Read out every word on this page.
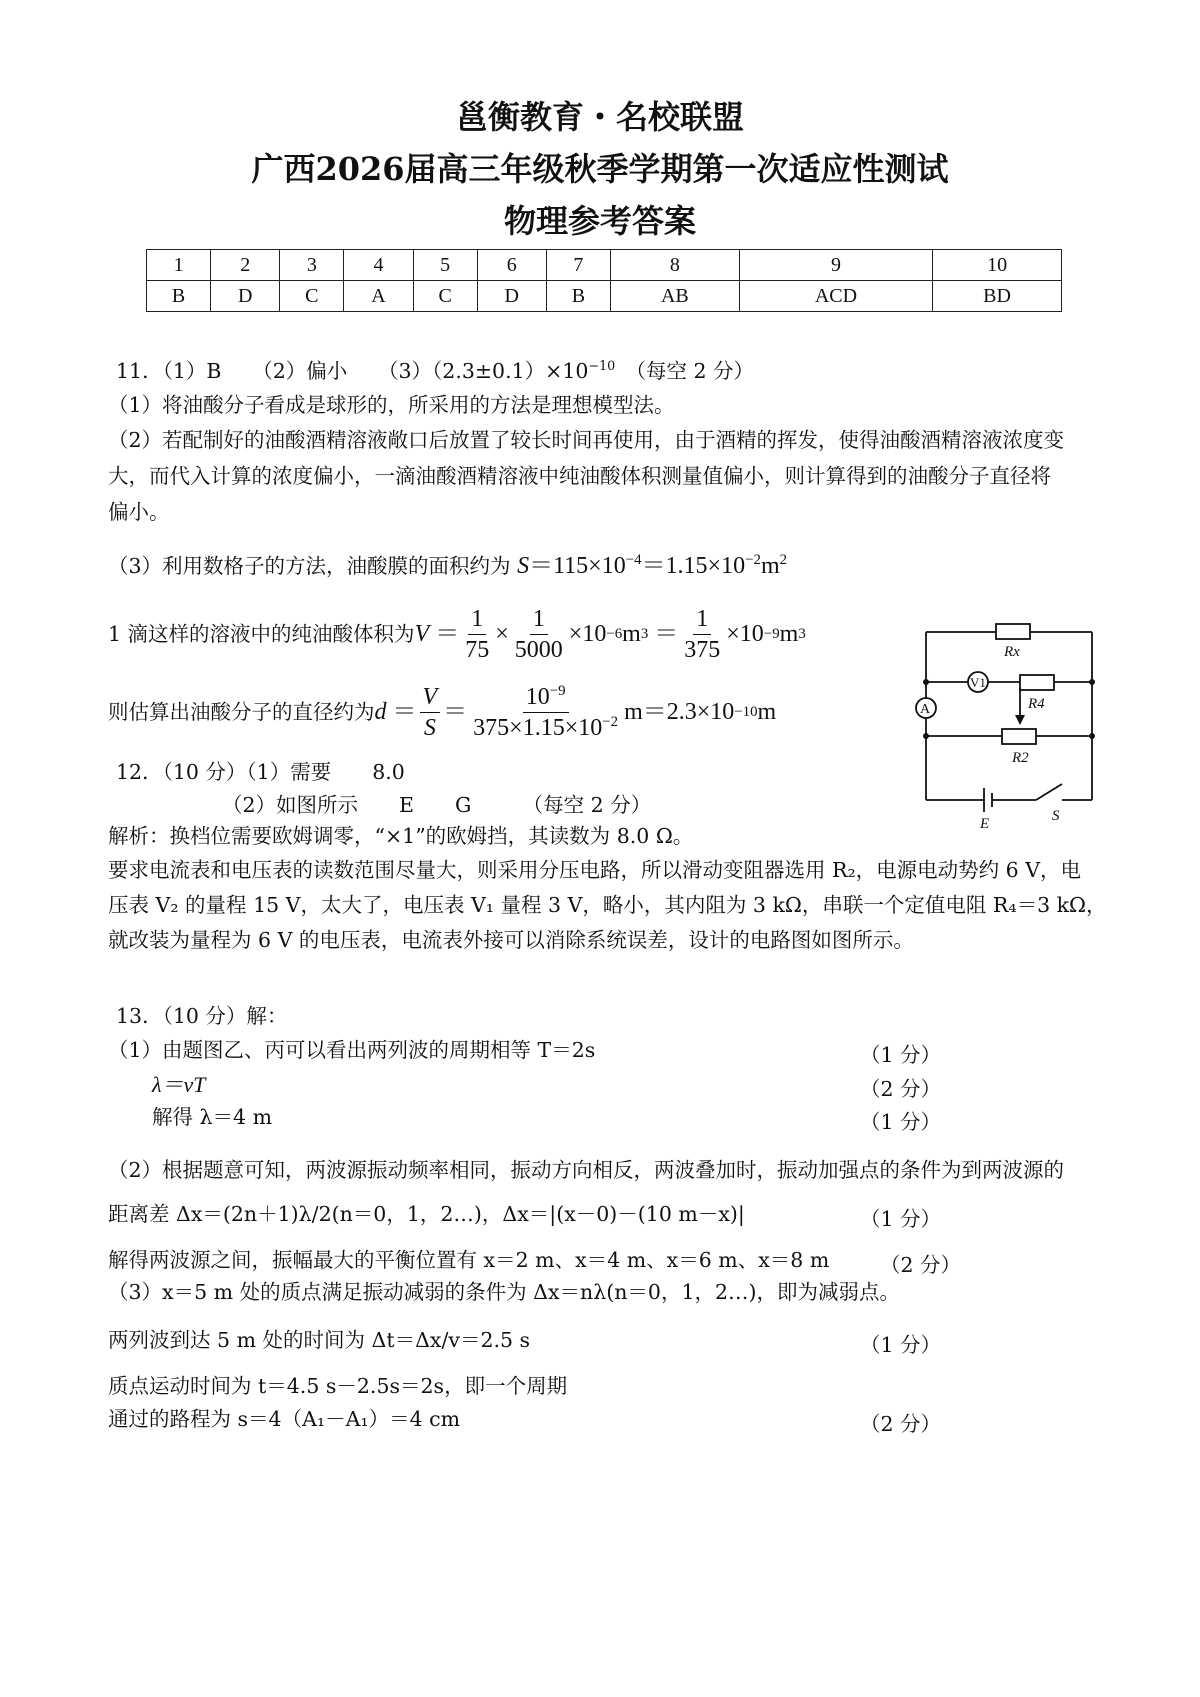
邕衡教育・名校联盟
广西2026届高三年级秋季学期第一次适应性测试
物理参考答案
1	2	3	4	5	6	7	8	9	10
B	D	C	A	C	D	B	AB	ACD	BD
11．（1）B　　（2）偏小　　$(3)(2.3\pm 0.1)\times 10^{-10}$　 （每空 2 分）
（1）将油酸分子看成是球形的，所采用的方法是理想模型法。
（2）若配制好的油酸酒精溶液敞口后放置了较长时间再使用，由于酒精的挥发，使得油酸酒精溶液浓度变
大，而代入计算的浓度偏小，一滴油酸酒精溶液中纯油酸体积测量值偏小，则计算得到的油酸分子直径将
偏小。
（3）利用数格子的方法，油酸膜的面积约为 $S=115\times 10^{-4}=1.15\times 10^{-2}m^2$
1 滴这样的溶液中的纯油酸体积为 $V = \frac{1}{75} \times \frac{1}{5000} \times 10 -6$ m $3 = \frac{1}{375} \times 10 -9$ m 3
则估算出油酸分子的直径约为 $d = \frac{V}{S} = \frac{10^{-9}}{375\times 1.15\times 10^{-2}} m=2.3\times 10 -10$ m
12．（10 分）（1）需要　　8.0
（2）如图所示　　E　　G　　　（每空 2 分）
解析：换档位需要欧姆调零，“×1”的欧姆挡，其读数为 8.0 Ω。
要求电流表和电压表的读数范围尽量大，则采用分压电路，所以滑动变阻器选用 R₂，电源电动势约 6 V，电
压表 V₂ 的量程 15 V，太大了，电压表 V₁ 量程 3 V，略小，其内阻为 3 kΩ，串联一个定值电阻 R₄＝3 kΩ，
就改装为量程为 6 V 的电压表，电流表外接可以消除系统误差，设计的电路图如图所示。
Rx
V1
R4
A
R2
E	S
13．（10 分）解：
（1）由题图乙、丙可以看出两列波的周期相等 T＝2s	（1 分）
λ＝vT	（2 分）
解得 λ＝4 m	（1 分）
（2）根据题意可知，两波源振动频率相同，振动方向相反，两波叠加时，振动加强点的条件为到两波源的
距离差 Δx＝(2n＋1)λ/2(n＝0，1，2…)，Δx＝|(x－0)－(10 m－x)|	（1 分）
解得两波源之间，振幅最大的平衡位置有 x＝2 m、x＝4 m、x＝6 m、x＝8 m （2 分）
（3）x＝5 m 处的质点满足振动减弱的条件为 Δx＝nλ(n＝0，1，2…)，即为减弱点。
两列波到达 5 m 处的时间为 Δt＝Δx/v＝2.5 s	（1 分）
质点运动时间为 t＝4.5 s－2.5s＝2s，即一个周期
通过的路程为 s＝4（A₁－A₁）＝4 cm	（2 分）
